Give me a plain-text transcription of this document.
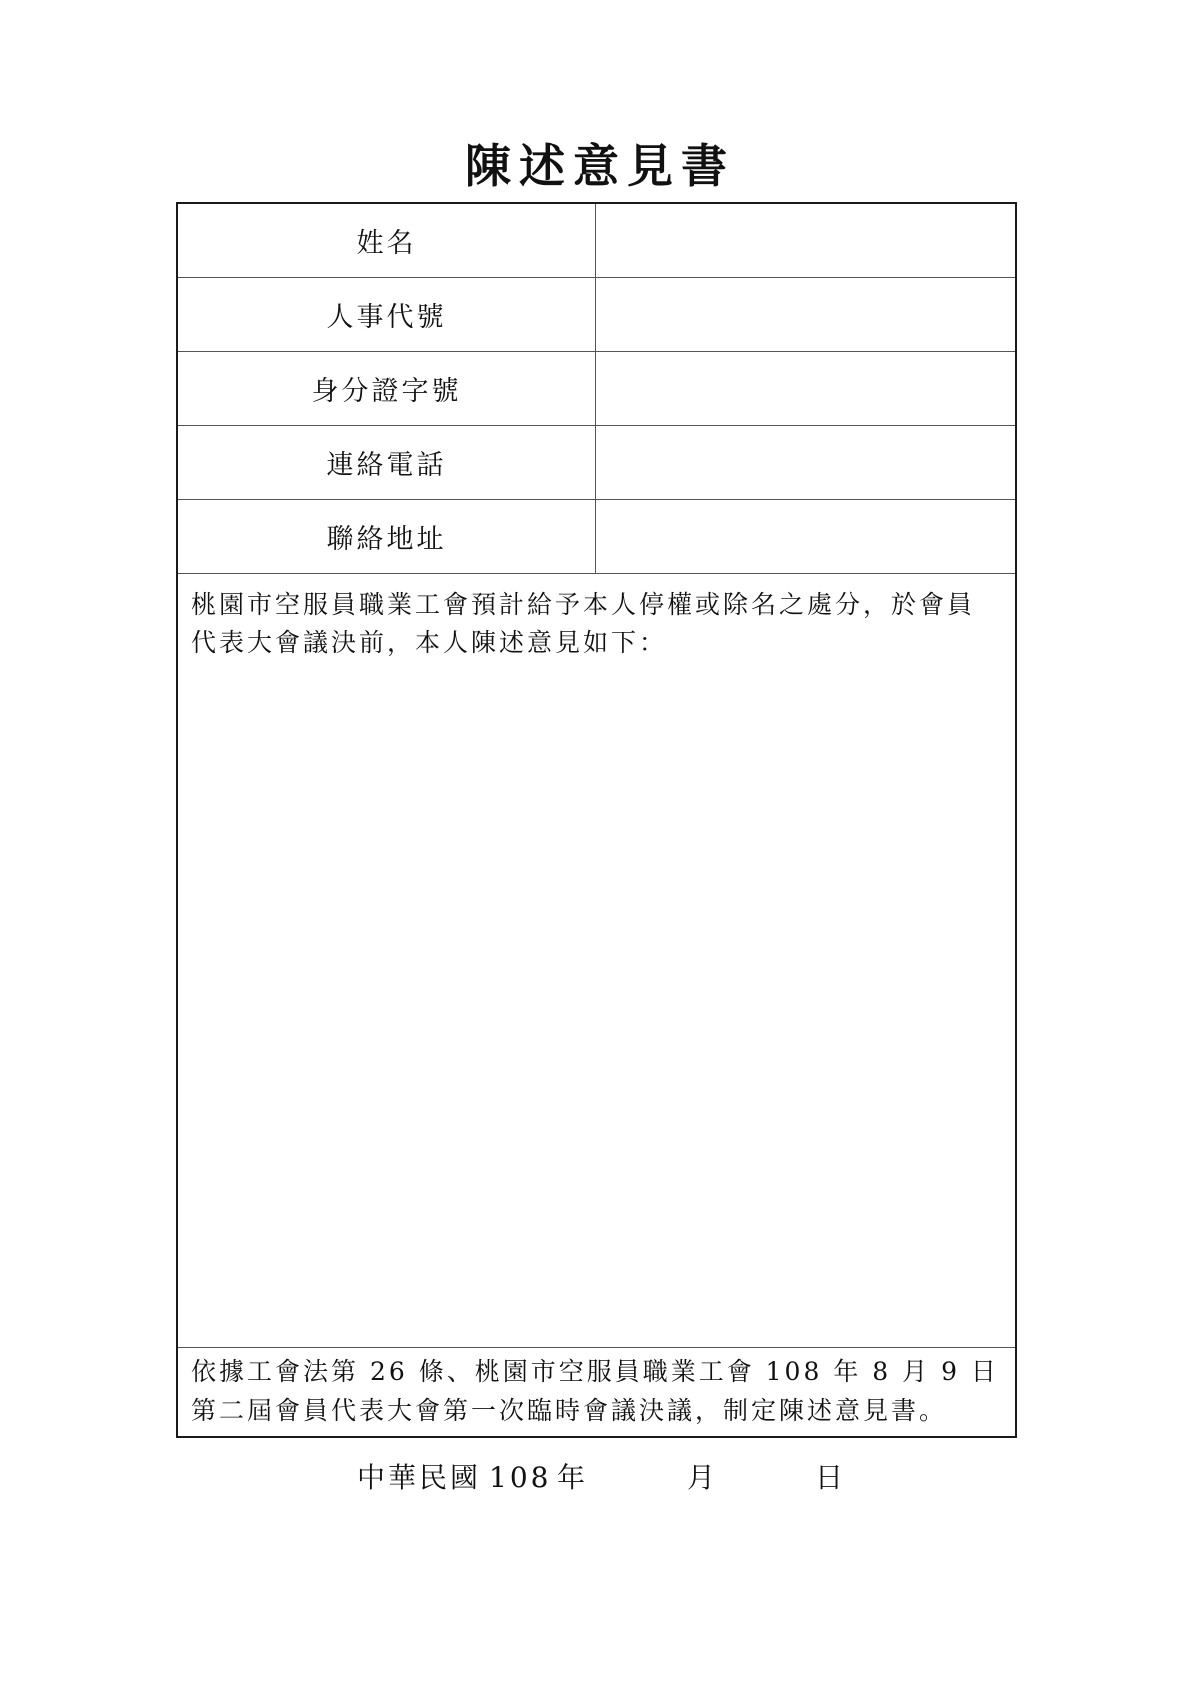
陳述意見書
姓名
人事代號
身分證字號
連絡電話
聯絡地址
桃園市空服員職業工會預計給予本人停權或除名之處分，於會員代表大會議決前，本人陳述意見如下：
依據工會法第 26 條、桃園市空服員職業工會 108 年 8 月 9 日第二屆會員代表大會第一次臨時會議決議，制定陳述意見書。
中華民國 108 年	月	日
